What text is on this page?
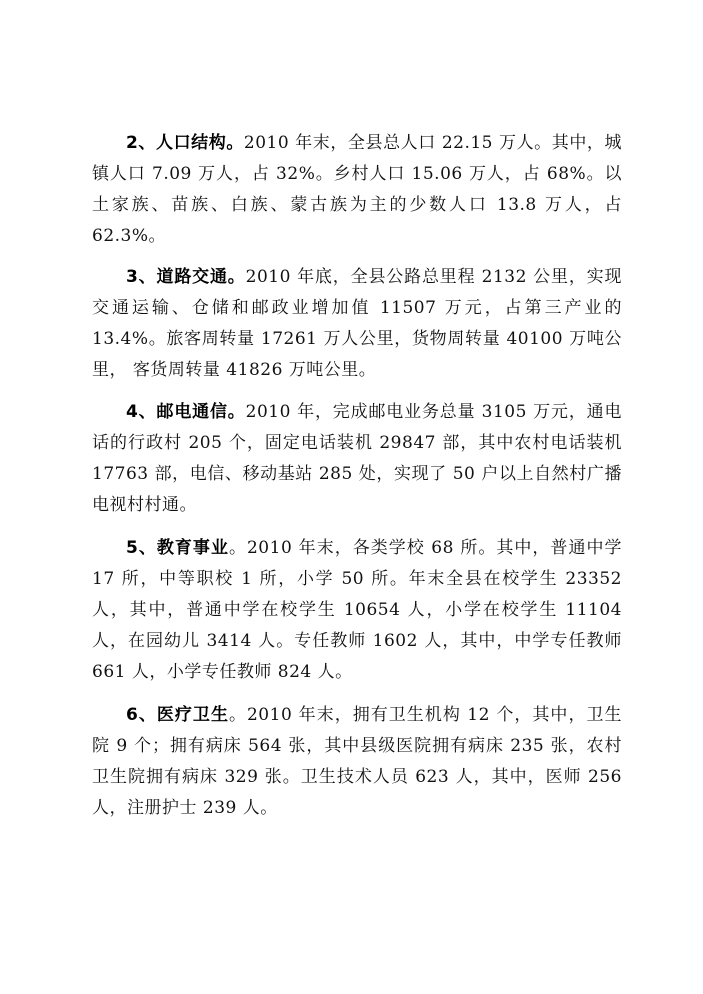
2、人口结构。2010 年末，全县总人口 22.15 万人。其中，城镇人口 7.09 万人，占 32%。乡村人口 15.06 万人，占 68%。以土家族、苗族、白族、蒙古族为主的少数人口 13.8 万人，占 62.3%。

3、道路交通。2010 年底，全县公路总里程 2132 公里，实现交通运输、仓储和邮政业增加值 11507 万元，占第三产业的 13.4%。旅客周转量 17261 万人公里，货物周转量 40100 万吨公里， 客货周转量 41826 万吨公里。

4、邮电通信。2010 年，完成邮电业务总量 3105 万元，通电话的行政村 205 个，固定电话装机 29847 部，其中农村电话装机 17763 部，电信、移动基站 285 处，实现了 50 户以上自然村广播电视村村通。

5、教育事业。2010 年末，各类学校 68 所。其中，普通中学 17 所，中等职校 1 所，小学 50 所。年末全县在校学生 23352 人，其中，普通中学在校学生 10654 人，小学在校学生 11104 人，在园幼儿 3414 人。专任教师 1602 人，其中，中学专任教师 661 人，小学专任教师 824 人。

6、医疗卫生。2010 年末，拥有卫生机构 12 个，其中，卫生院 9 个；拥有病床 564 张，其中县级医院拥有病床 235 张，农村卫生院拥有病床 329 张。卫生技术人员 623 人，其中，医师 256 人，注册护士 239 人。
